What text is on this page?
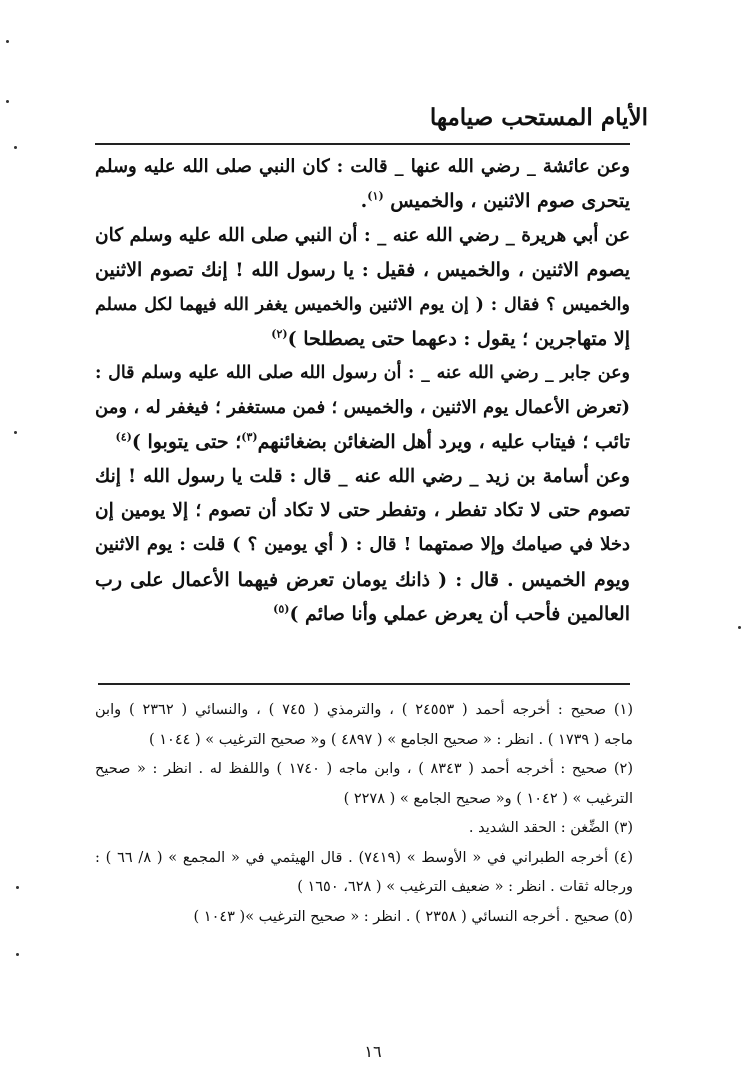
الأيام المستحب صيامها
وعن عائشة _ رضي الله عنها _ قالت : كان النبي صلى الله عليه وسلم
يتحرى صوم الاثنين ، والخميس $^{(١)}$.
عن أبي هريرة _ رضي الله عنه _ : أن النبي صلى الله عليه وسلم كان
يصوم الاثنين ، والخميس ، فقيل : يا رسول الله ! إنك تصوم الاثنين
والخميس ؟ فقال : ( إن يوم الاثنين والخميس يغفر الله فيهما لكل مسلم
إلا متهاجرين ؛ يقول : دعهما حتى يصطلحا )$^{(٢)}$
وعن جابر _ رضي الله عنه _ : أن رسول الله صلى الله عليه وسلم قال :
(تعرض الأعمال يوم الاثنين ، والخميس ؛ فمن مستغفر ؛ فيغفر له ، ومن
تائب ؛ فيتاب عليه ، ويرد أهل الضغائن بضغائنهم$^{(٣)}$؛ حتى يتوبوا )$^{(٤)}$
وعن أسامة بن زيد _ رضي الله عنه _ قال : قلت يا رسول الله ! إنك
تصوم حتى لا تكاد تفطر ، وتفطر حتى لا تكاد أن تصوم ؛ إلا يومين إن
دخلا في صيامك وإلا صمتهما ! قال : ( أي يومين ؟ ) قلت : يوم الاثنين
ويوم الخميس . قال : ( ذانك يومان تعرض فيهما الأعمال على رب
العالمين فأحب أن يعرض عملي وأنا صائم )$^{(٥)}$
(١) صحيح : أخرجه أحمد ( ٢٤٥٥٣ ) ، والترمذي ( ٧٤٥ ) ، والنسائي ( ٢٣٦٢ ) وابن
ماجه ( ١٧٣٩ ) . انظر : « صحيح الجامع » ( ٤٨٩٧ ) و« صحيح الترغيب » ( ١٠٤٤ )
(٢) صحيح : أخرجه أحمد ( ٨٣٤٣ ) ، وابن ماجه ( ١٧٤٠ ) واللفظ له . انظر : « صحيح
الترغيب » ( ١٠٤٢ ) و« صحيح الجامع » ( ٢٢٧٨ )
(٣) الضِّغن : الحقد الشديد .
(٤) أخرجه الطبراني في « الأوسط » (٧٤١٩) . قال الهيثمي في « المجمع » ( ٨/ ٦٦ ) :
ورجاله ثقات . انظر : « ضعيف الترغيب » ( ٦٢٨، ١٦٥٠ )
(٥) صحيح . أخرجه النسائي ( ٢٣٥٨ ) . انظر : « صحيح الترغيب »( ١٠٤٣ )
١٦
